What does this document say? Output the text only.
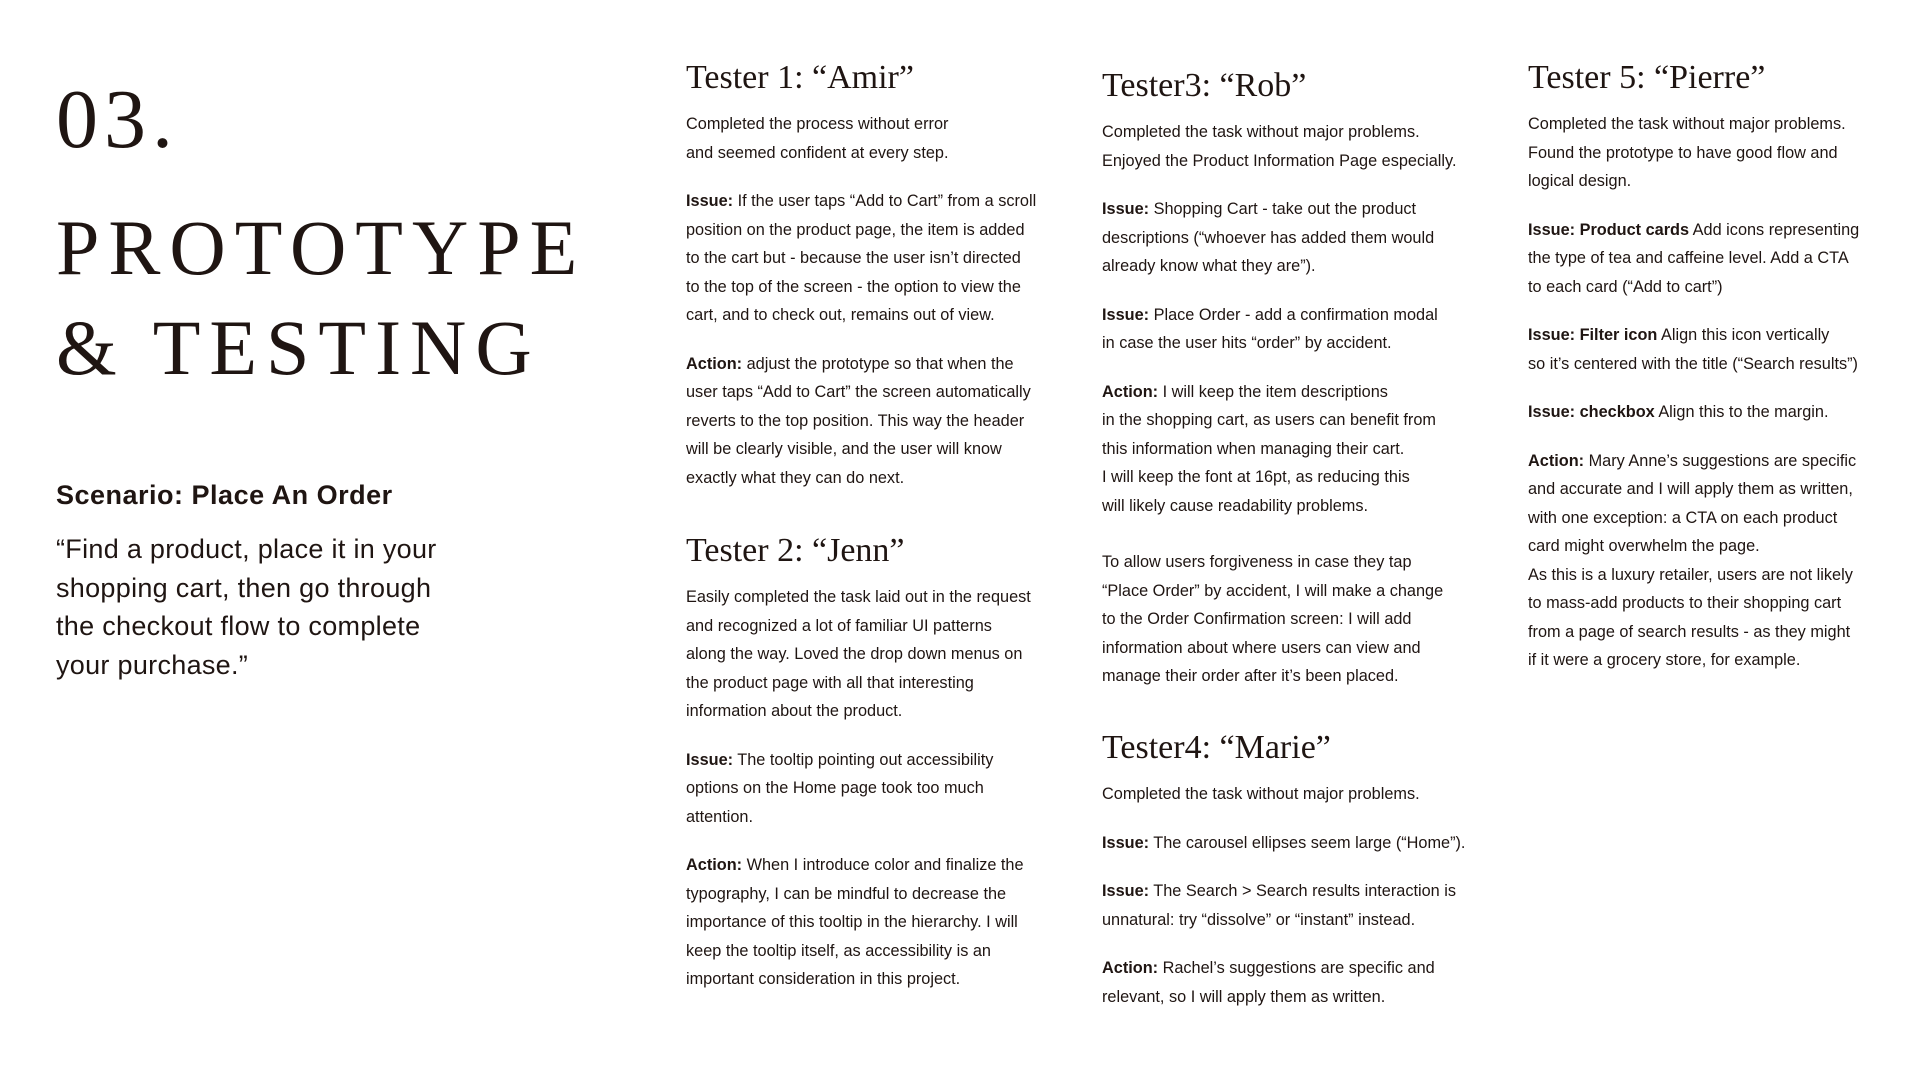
03.
PROTOTYPE
& TESTING
Scenario: Place An Order
“Find a product, place it in your shopping cart, then go through the checkout flow to complete your purchase.”
Tester 1: “Amir”

Completed the process without error
and seemed confident at every step.

Issue: If the user taps “Add to Cart” from a scroll
position on the product page, the item is added
to the cart but - because the user isn’t directed
to the top of the screen - the option to view the
cart, and to check out, remains out of view.

Action: adjust the prototype so that when the
user taps “Add to Cart” the screen automatically
reverts to the top position. This way the header
will be clearly visible, and the user will know
exactly what they can do next.

Tester 2: “Jenn”

Easily completed the task laid out in the request
and recognized a lot of familiar UI patterns
along the way. Loved the drop down menus on
the product page with all that interesting
information about the product.

Issue: The tooltip pointing out accessibility
options on the Home page took too much
attention.

Action: When I introduce color and finalize the
typography, I can be mindful to decrease the
importance of this tooltip in the hierarchy. I will
keep the tooltip itself, as accessibility is an
important consideration in this project.

Tester3: “Rob”

Completed the task without major problems.
Enjoyed the Product Information Page especially.

Issue: Shopping Cart - take out the product
descriptions (“whoever has added them would
already know what they are”).

Issue: Place Order - add a confirmation modal
in case the user hits “order” by accident.

Action: I will keep the item descriptions
in the shopping cart, as users can benefit from
this information when managing their cart.
I will keep the font at 16pt, as reducing this
will likely cause readability problems.

To allow users forgiveness in case they tap
“Place Order” by accident, I will make a change
to the Order Confirmation screen: I will add
information about where users can view and
manage their order after it’s been placed.

Tester4: “Marie”

Completed the task without major problems.

Issue: The carousel ellipses seem large (“Home”).

Issue: The Search > Search results interaction is
unnatural: try “dissolve” or “instant” instead.

Action: Rachel’s suggestions are specific and
relevant, so I will apply them as written.

Tester 5: “Pierre”

Completed the task without major problems.
Found the prototype to have good flow and
logical design.

Issue: Product cards Add icons representing
the type of tea and caffeine level. Add a CTA
to each card (“Add to cart”)

Issue: Filter icon Align this icon vertically
so it’s centered with the title (“Search results”)

Issue: checkbox Align this to the margin.

Action: Mary Anne’s suggestions are specific
and accurate and I will apply them as written,
with one exception: a CTA on each product
card might overwhelm the page.
As this is a luxury retailer, users are not likely
to mass-add products to their shopping cart
from a page of search results - as they might
if it were a grocery store, for example.
